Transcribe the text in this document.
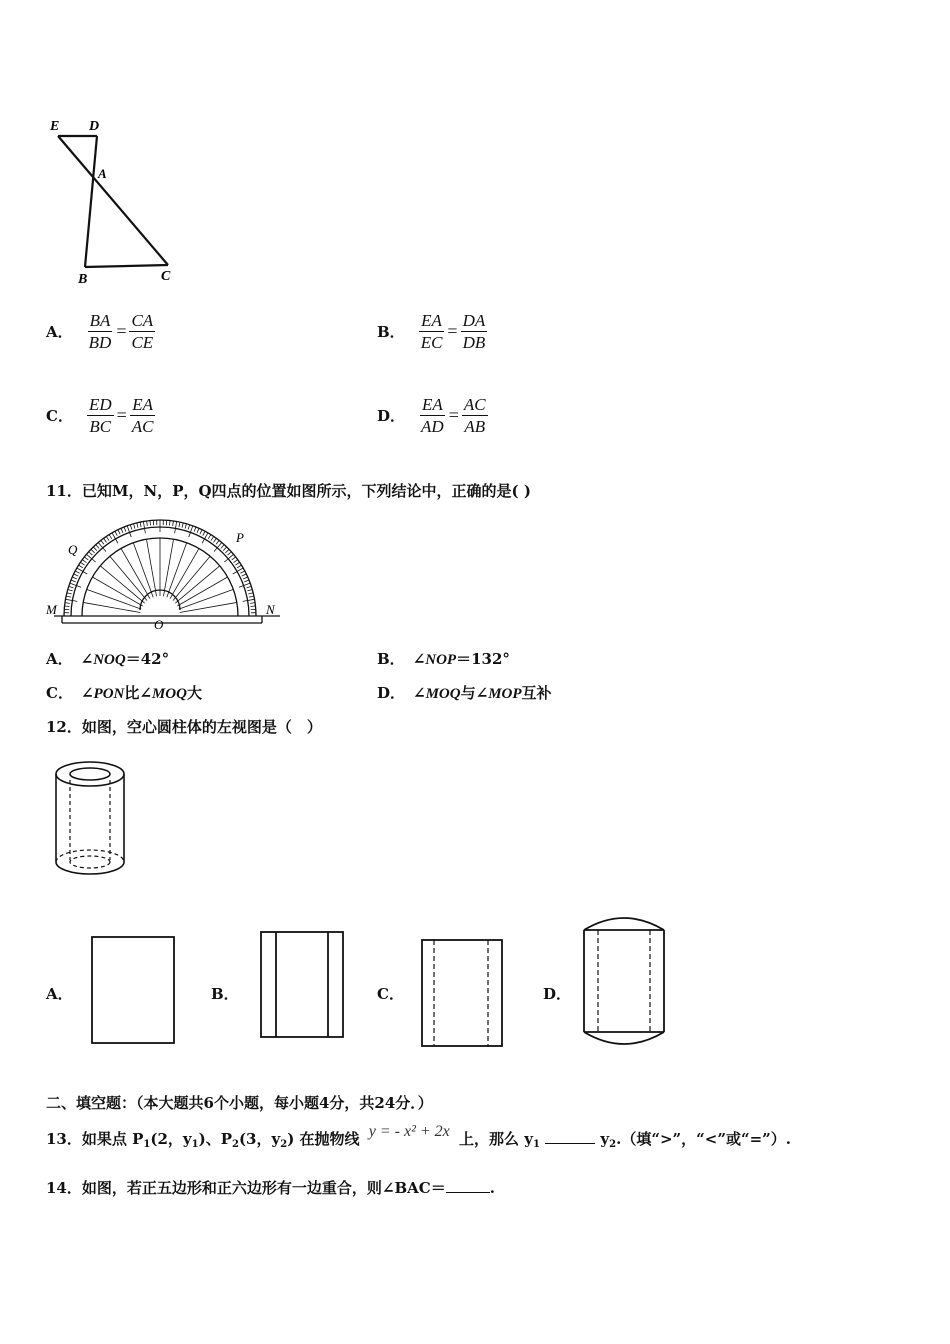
E D
A
B	C
A． $\frac{BA}{BD} = \frac{CA}{CE}$	B． $\frac{EA}{EC} = \frac{DA}{DB}$
C． $\frac{ED}{BC} = \frac{EA}{AC}$	D． $\frac{EA}{AD} = \frac{AC}{AB}$
11．已知M，N，P，Q四点的位置如图所示，下列结论中，正确的是( )
M	N
P
Q
O
A． ∠NOQ＝42°	B． ∠NOP＝132°
C． ∠PON比∠MOQ大	D． ∠MOQ与∠MOP互补
12．如图，空心圆柱体的左视图是（　）
A．	B．	C．	D．
二、填空题：（本大题共6个小题，每小题4分，共24分．）
13．如果点 $P_1(2$，$y_1$)、$P_2(3$，$y_2$) 在抛物线 y = - x² + 2x 上，那么 $y_1$	$y_2$.（填“>”，“<”或“=”）.
14．如图，若正五边形和正六边形有一边重合，则∠BAC＝	.
